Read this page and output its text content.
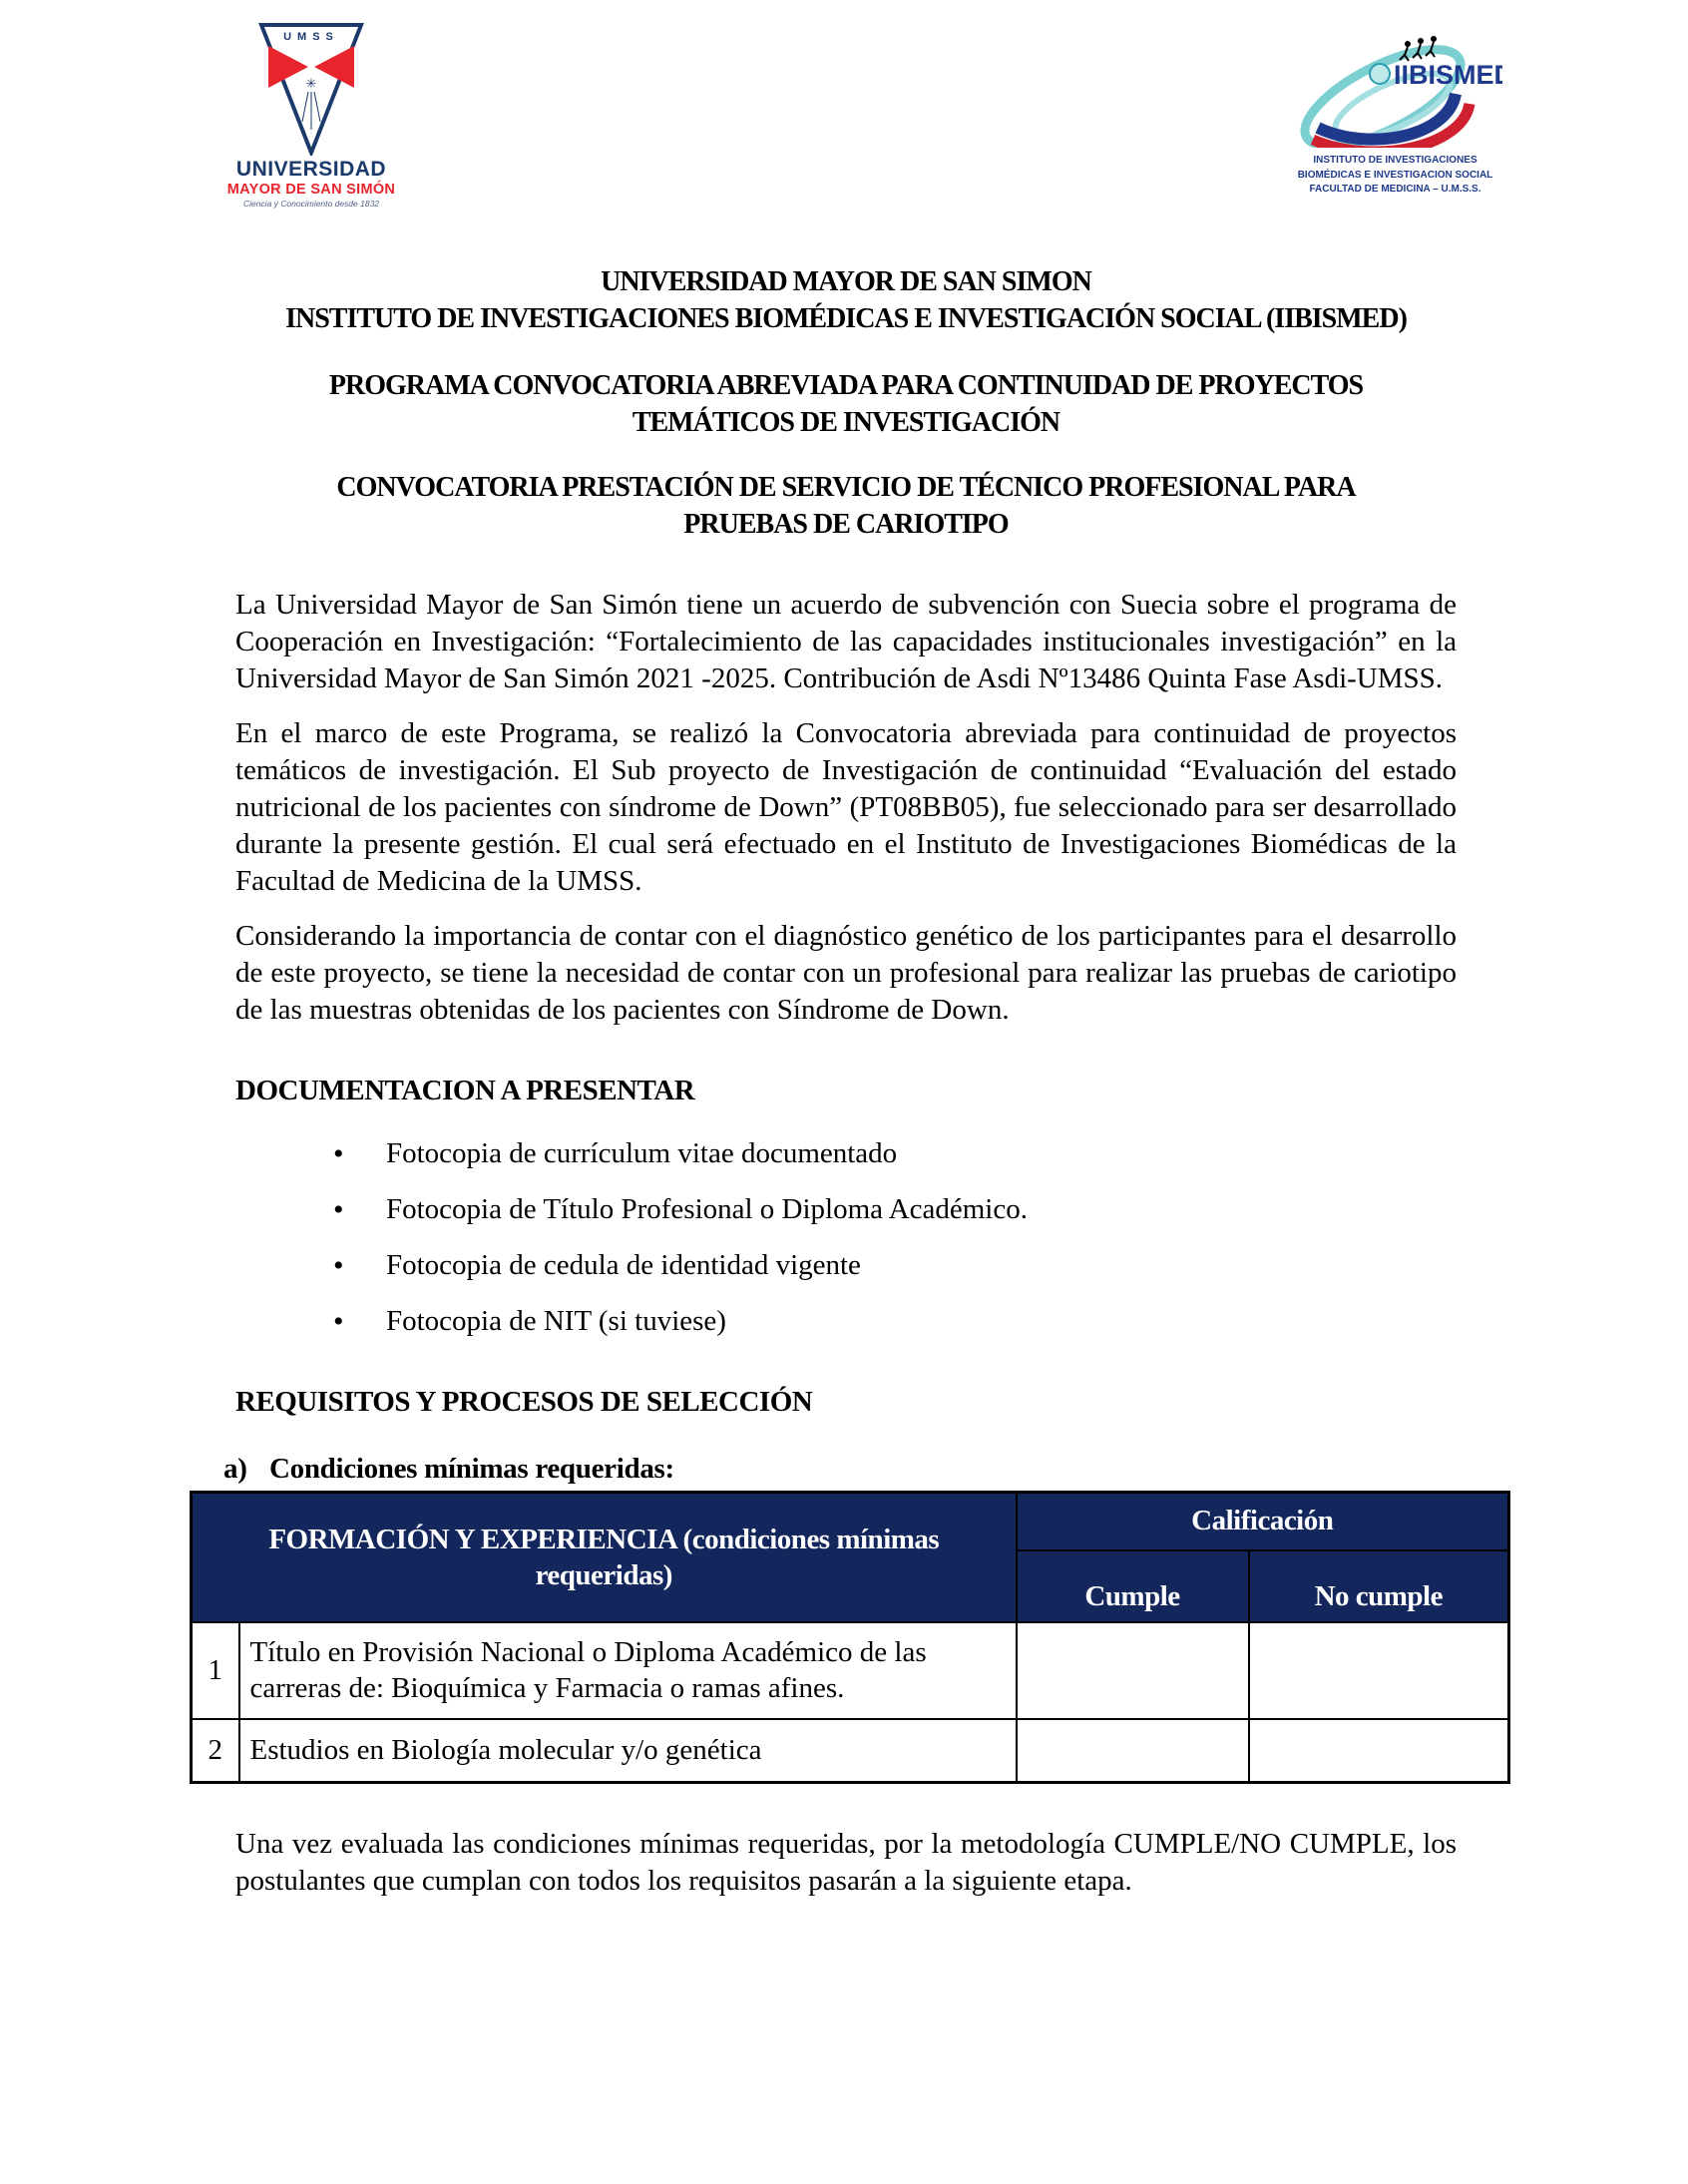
UMSS
✳
UNIVERSIDAD
MAYOR DE SAN SIMÓN
Ciencia y Conocimiento desde 1832
IIBISMED
INSTITUTO DE INVESTIGACIONES
BIOMÉDICAS E INVESTIGACION SOCIAL
FACULTAD DE MEDICINA – U.M.S.S.
UNIVERSIDAD MAYOR DE SAN SIMON
INSTITUTO DE INVESTIGACIONES BIOMÉDICAS E INVESTIGACIÓN SOCIAL (IIBISMED)
PROGRAMA CONVOCATORIA ABREVIADA PARA CONTINUIDAD DE PROYECTOS TEMÁTICOS DE INVESTIGACIÓN
CONVOCATORIA PRESTACIÓN DE SERVICIO DE TÉCNICO PROFESIONAL PARA PRUEBAS DE CARIOTIPO

La Universidad Mayor de San Simón tiene un acuerdo de subvención con Suecia sobre el programa de Cooperación en Investigación: “Fortalecimiento de las capacidades institucionales investigación” en la Universidad Mayor de San Simón 2021 -2025. Contribución de Asdi Nº13486 Quinta Fase Asdi-UMSS.

En el marco de este Programa, se realizó la Convocatoria abreviada para continuidad de proyectos temáticos de investigación. El Sub proyecto de Investigación de continuidad “Evaluación del estado nutricional de los pacientes con síndrome de Down” (PT08BB05), fue seleccionado para ser desarrollado durante la presente gestión. El cual será efectuado en el Instituto de Investigaciones Biomédicas de la Facultad de Medicina de la UMSS.

Considerando la importancia de contar con el diagnóstico genético de los participantes para el desarrollo de este proyecto, se tiene la necesidad de contar con un profesional para realizar las pruebas de cariotipo de las muestras obtenidas de los pacientes con Síndrome de Down.

DOCUMENTACION A PRESENTAR
• Fotocopia de currículum vitae documentado
• Fotocopia de Título Profesional o Diploma Académico.
• Fotocopia de cedula de identidad vigente
• Fotocopia de NIT (si tuviese)
REQUISITOS Y PROCESOS DE SELECCIÓN
a) Condiciones mínimas requeridas:
FORMACIÓN Y EXPERIENCIA (condiciones mínimas requeridas)		Calificación	
		Cumple	No cumple
1	Título en Provisión Nacional o Diploma Académico de las carreras de: Bioquímica y Farmacia o ramas afines.		
2	Estudios en Biología molecular y/o genética		

Una vez evaluada las condiciones mínimas requeridas, por la metodología CUMPLE/NO CUMPLE, los postulantes que cumplan con todos los requisitos pasarán a la siguiente etapa.
